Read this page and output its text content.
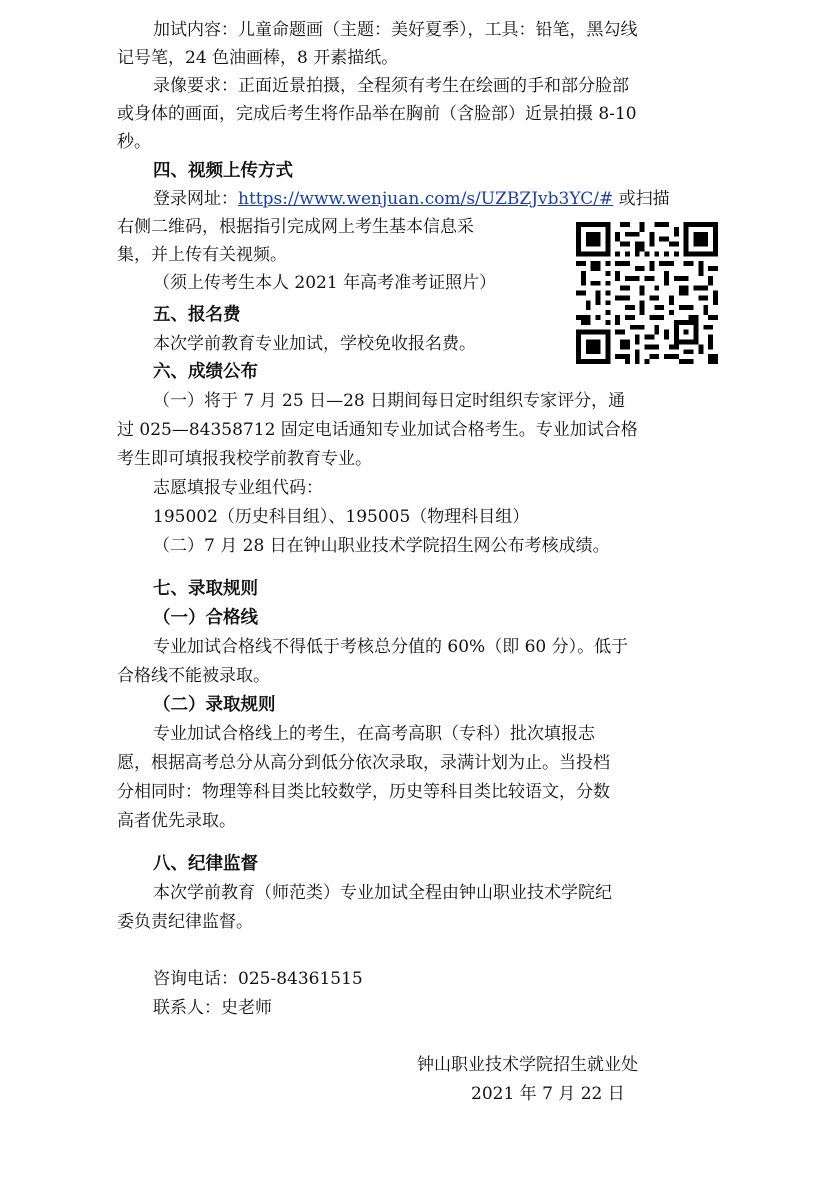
加试内容：儿童命题画（主题：美好夏季），工具：铅笔，黑勾线
记号笔，24 色油画棒，8 开素描纸。
录像要求：正面近景拍摄，全程须有考生在绘画的手和部分脸部
或身体的画面，完成后考生将作品举在胸前（含脸部）近景拍摄 8-10
秒。
四、视频上传方式
登录网址：https://www.wenjuan.com/s/UZBZJvb3YC/# 或扫描
右侧二维码，根据指引完成网上考生基本信息采
集，并上传有关视频。
（须上传考生本人 2021 年高考准考证照片）
五、报名费
本次学前教育专业加试，学校免收报名费。
六、成绩公布
（一）将于 7 月 25 日—28 日期间每日定时组织专家评分，通
过 025—84358712 固定电话通知专业加试合格考生。专业加试合格
考生即可填报我校学前教育专业。
志愿填报专业组代码：
195002（历史科目组）、195005（物理科目组）
（二）7 月 28 日在钟山职业技术学院招生网公布考核成绩。
七、录取规则
（一）合格线
专业加试合格线不得低于考核总分值的 60%（即 60 分）。低于
合格线不能被录取。
（二）录取规则
专业加试合格线上的考生，在高考高职（专科）批次填报志
愿，根据高考总分从高分到低分依次录取，录满计划为止。当投档
分相同时：物理等科目类比较数学，历史等科目类比较语文，分数
高者优先录取。
八、纪律监督
本次学前教育（师范类）专业加试全程由钟山职业技术学院纪
委负责纪律监督。
咨询电话：025-84361515
联系人：史老师
钟山职业技术学院招生就业处
2021 年 7 月 22 日
